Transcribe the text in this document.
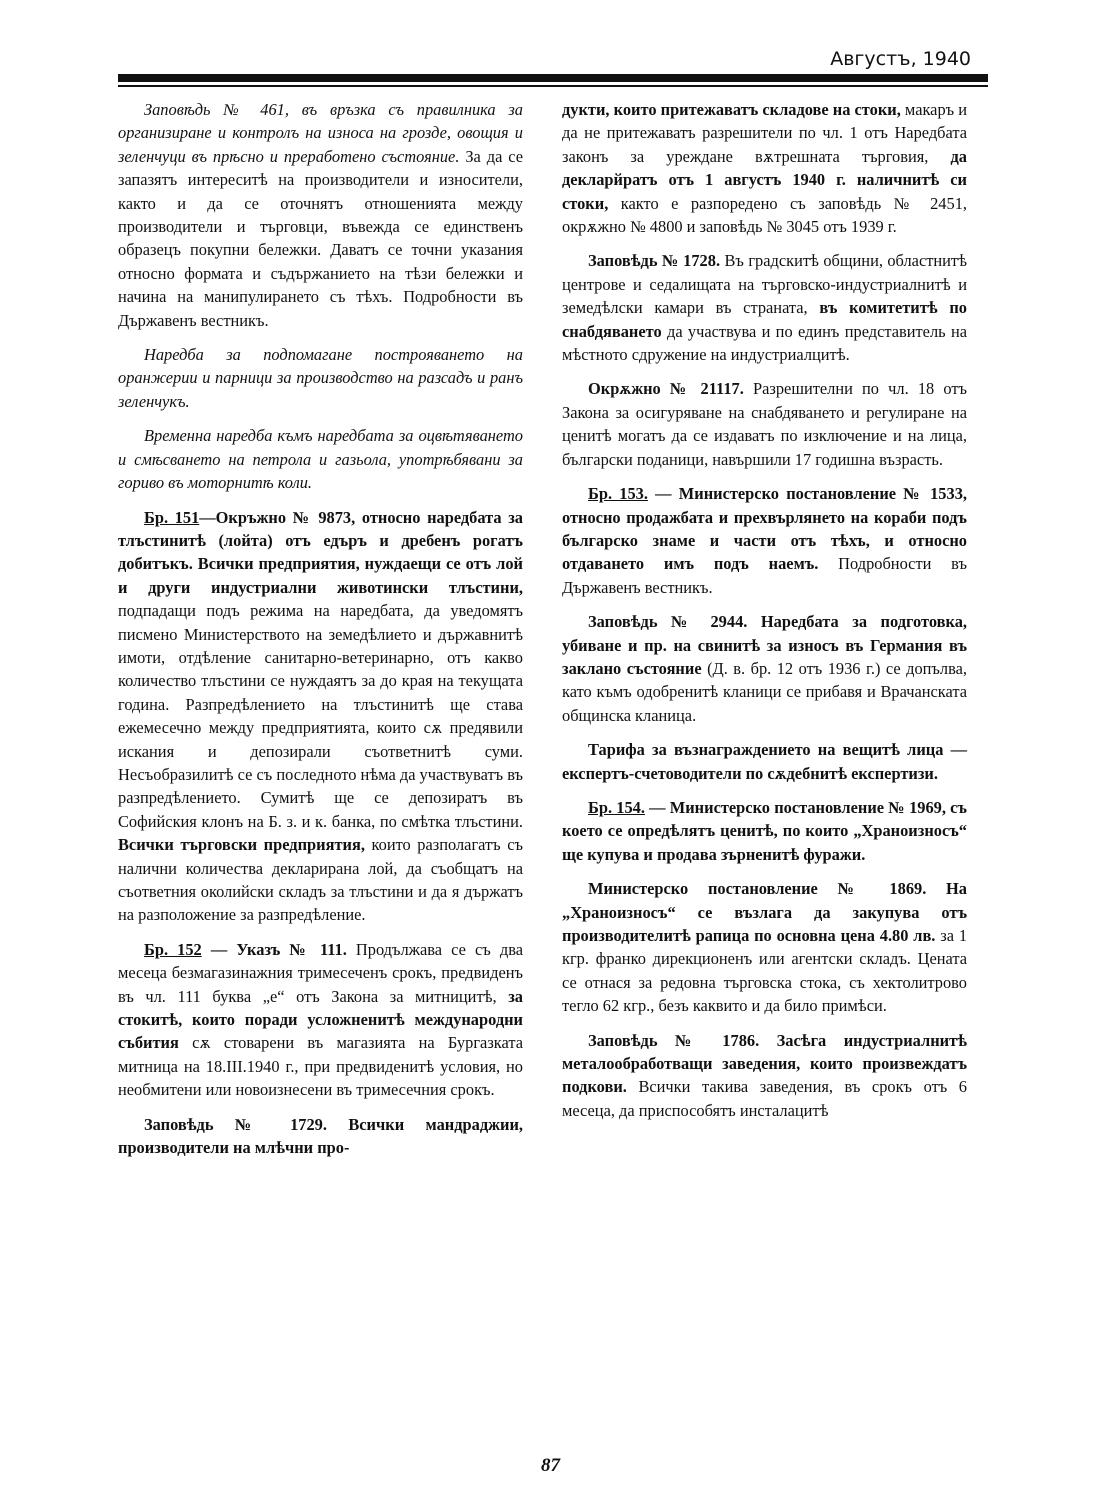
Августъ, 1940

Заповѣдь № 461, въ връзка съ правилника за организиране и контролъ на износа на грозде, овощия и зеленчуци въ прѣсно и преработено състояние. За да се запазятъ интереситѣ на производители и износители, както и да се оточнятъ отношенията между производители и търговци, въвежда се единственъ образецъ покупни бележки. Даватъ се точни указания относно формата и съдържанието на тѣзи бележки и начина на манипулирането съ тѣхъ. Подробности въ Държавенъ вестникъ.

Наредба за подпомагане построяването на оранжерии и парници за производство на разсадъ и ранъ зеленчукъ.

Временна наредба къмъ наредбата за оцвѣтяването и смѣсването на петрола и газьола, употрѣбявани за гориво въ моторнитѣ коли.

Бр. 151—Окръжно № 9873, относно наредбата за тлъстинитѣ (лойта) отъ едъръ и дребенъ рогатъ добитъкъ. Всички предприятия, нуждаещи се отъ лой и други индустриални животински тлъстини, подпадащи подъ режима на наредбата, да уведомятъ писмено Министерството на земедѣлието и държавнитѣ имоти, отдѣление санитарно-ветеринарно, отъ какво количество тлъстини се нуждаятъ за до края на текущата година. Разпредѣлението на тлъстинитѣ ще става ежемесечно между предприятията, които сѫ предявили искания и депозирали съответнитѣ суми. Несъобразилитѣ се съ последното нѣма да участвуватъ въ разпредѣлението. Сумитѣ ще се депозиратъ въ Софийския клонъ на Б. з. и к. банка, по смѣтка тлъстини. Всички търговски предприятия, които разполагатъ съ налични количества декларирана лой, да съобщатъ на съответния околийски складъ за тлъстини и да я държатъ на разположение за разпредѣление.

Бр. 152 — Указъ № 111. Продължава се съ два месеца безмагазинажния тримесеченъ срокъ, предвиденъ въ чл. 111 буква „е“ отъ Закона за митницитѣ, за стокитѣ, които поради усложненитѣ международни събития сѫ стоварени въ магазията на Бургазката митница на 18.III.1940 г., при предвиденитѣ условия, но необмитени или новоизнесени въ тримесечния срокъ.

Заповѣдь № 1729. Всички мандраджии, производители на млѣчни про-

дукти, които притежаватъ складове на стоки, макаръ и да не притежаватъ разрешители по чл. 1 отъ Наредбата законъ за уреждане вѫтрешната търговия, да декларйратъ отъ 1 августъ 1940 г. наличнитѣ си стоки, както е разпоредено съ заповѣдь № 2451, окрѫжно № 4800 и заповѣдь № 3045 отъ 1939 г.

Заповѣдь № 1728. Въ градскитѣ общини, областнитѣ центрове и седалищата на търговско-индустриалнитѣ и земедѣлски камари въ страната, въ комитетитѣ по снабдяването да участвува и по единъ представитель на мѣстното сдружение на индустриалцитѣ.

Окрѫжно № 21117. Разрешителни по чл. 18 отъ Закона за осигуряване на снабдяването и регулиране на ценитѣ могатъ да се издаватъ по изключение и на лица, български поданици, навършили 17 годишна възрасть.

Бр. 153. — Министерско постановление № 1533, относно продажбата и прехвърлянето на кораби подъ българско знаме и части отъ тѣхъ, и относно отдаването имъ подъ наемъ. Подробности въ Държавенъ вестникъ.

Заповѣдь № 2944. Наредбата за подготовка, убиване и пр. на свинитѣ за износъ въ Германия въ заклано състояние (Д. в. бр. 12 отъ 1936 г.) се допълва, като къмъ одобренитѣ кланици се прибавя и Врачанската общинска кланица.

Тарифа за възнаграждението на вещитѣ лица — експертъ-счетоводители по сѫдебнитѣ експертизи.

Бр. 154. — Министерско постановление № 1969, съ което се опредѣлятъ ценитѣ, по които „Храноизносъ“ ще купува и продава зърненитѣ фуражи.

Министерско постановление № 1869. На „Храноизносъ“ се възлага да закупува отъ производителитѣ рапица по основна цена 4.80 лв. за 1 кгр. франко дирекционенъ или агентски складъ. Цената се отнася за редовна търговска стока, съ хектолитрово тегло 62 кгр., безъ каквито и да било примѣси.

Заповѣдь № 1786. Засѣга индустриалнитѣ металообработващи заведения, които произвеждатъ подкови. Всички такива заведения, въ срокъ отъ 6 месеца, да приспособятъ инсталацитѣ

87
